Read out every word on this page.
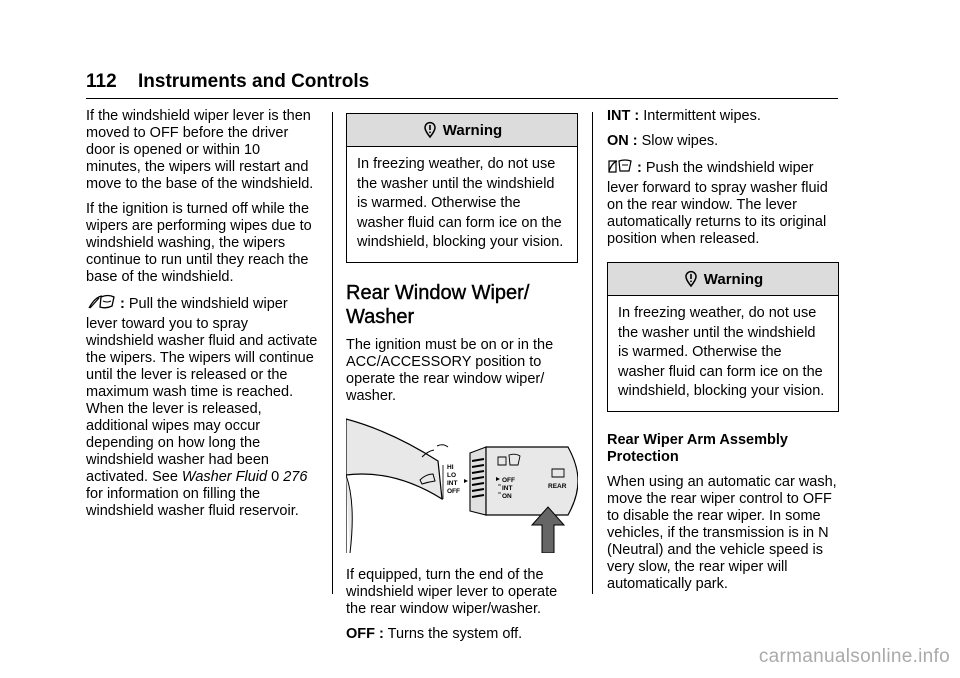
112 Instruments and Controls

If the windshield wiper lever is then moved to OFF before the driver door is opened or within 10 minutes, the wipers will restart and move to the base of the windshield.

If the ignition is turned off while the wipers are performing wipes due to windshield washing, the wipers continue to run until they reach the base of the windshield.

: Pull the windshield wiper lever toward you to spray windshield washer fluid and activate the wipers. The wipers will continue until the lever is released or the maximum wash time is reached. When the lever is released, additional wipes may occur depending on how long the windshield washer had been activated. See Washer Fluid 0 276 for information on filling the windshield washer fluid reservoir.

Warning
In freezing weather, do not use the washer until the windshield is warmed. Otherwise the washer fluid can form ice on the windshield, blocking your vision.
Rear Window Wiper/ Washer

The ignition must be on or in the ACC/ACCESSORY position to operate the rear window wiper/ washer.

HI
LO
INT
OFF
OFF
INT
ON
REAR

If equipped, turn the end of the windshield wiper lever to operate the rear window wiper/washer.

OFF : Turns the system off.

INT : Intermittent wipes.

ON : Slow wipes.

: Push the windshield wiper lever forward to spray washer fluid on the rear window. The lever automatically returns to its original position when released.

Warning
In freezing weather, do not use the washer until the windshield is warmed. Otherwise the washer fluid can form ice on the windshield, blocking your vision.

Rear Wiper Arm Assembly Protection

When using an automatic car wash, move the rear wiper control to OFF to disable the rear wiper. In some vehicles, if the transmission is in N (Neutral) and the vehicle speed is very slow, the rear wiper will automatically park.

carmanualsonline.info
